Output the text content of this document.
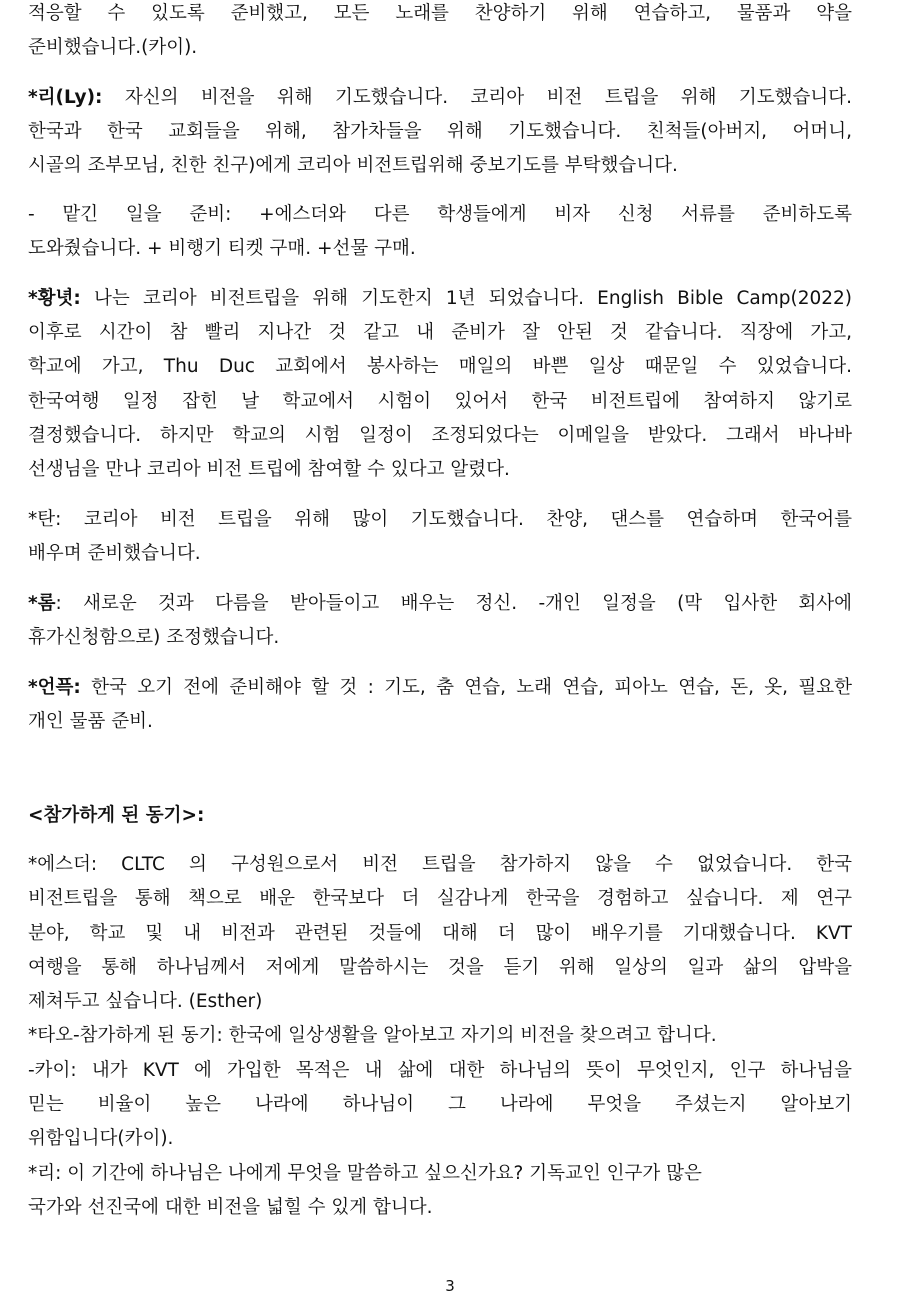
적응할 수 있도록 준비했고, 모든 노래를 찬양하기 위해 연습하고, 물품과 약을
준비했습니다.(카이).
*리(Ly): 자신의 비전을 위해 기도했습니다. 코리아 비전 트립을 위해 기도했습니다.
한국과 한국 교회들을 위해, 참가차들을 위해 기도했습니다. 친척들(아버지, 어머니,
시골의 조부모님, 친한 친구)에게 코리아 비전트립위해 중보기도를 부탁했습니다.
- 맡긴 일을 준비: +에스더와 다른 학생들에게 비자 신청 서류를 준비하도록
도와줬습니다. + 비행기 티켓 구매. +선물 구매.
*황녓: 나는 코리아 비전트립을 위해 기도한지 1년 되었습니다. English Bible Camp(2022)
이후로 시간이 참 빨리 지나간 것 같고 내 준비가 잘 안된 것 같습니다. 직장에 가고,
학교에 가고, Thu Duc 교회에서 봉사하는 매일의 바쁜 일상 때문일 수 있었습니다.
한국여행 일정 잡힌 날 학교에서 시험이 있어서 한국 비전트립에 참여하지 않기로
결정했습니다. 하지만 학교의 시험 일정이 조정되었다는 이메일을 받았다. 그래서 바나바
선생님을 만나 코리아 비전 트립에 참여할 수 있다고 알렸다.
*탄: 코리아 비전 트립을 위해 많이 기도했습니다. 찬양, 댄스를 연습하며 한국어를
배우며 준비했습니다.
*롬: 새로운 것과 다름을 받아들이고 배우는 정신. -개인 일정을 (막 입사한 회사에
휴가신청함으로) 조정했습니다.
*언픅: 한국 오기 전에 준비해야 할 것 : 기도, 춤 연습, 노래 연습, 피아노 연습, 돈, 옷, 필요한
개인 물품 준비.
<참가하게 된 동기>:
*에스더: CLTC 의 구성원으로서 비전 트립을 참가하지 않을 수 없었습니다. 한국
비전트립을 통해 책으로 배운 한국보다 더 실감나게 한국을 경험하고 싶습니다. 제 연구
분야, 학교 및 내 비전과 관련된 것들에 대해 더 많이 배우기를 기대했습니다. KVT
여행을 통해 하나님께서 저에게 말씀하시는 것을 듣기 위해 일상의 일과 삶의 압박을
제쳐두고 싶습니다. (Esther)
*타오-참가하게 된 동기: 한국에 일상생활을 알아보고 자기의 비전을 찾으려고 합니다.
-카이: 내가 KVT 에 가입한 목적은 내 삶에 대한 하나님의 뜻이 무엇인지, 인구 하나님을
믿는 비율이 높은 나라에 하나님이 그 나라에 무엇을 주셨는지 알아보기
위함입니다(카이).
*리: 이 기간에 하나님은 나에게 무엇을 말씀하고 싶으신가요? 기독교인 인구가 많은
국가와 선진국에 대한 비전을 넓힐 수 있게 합니다.
3
